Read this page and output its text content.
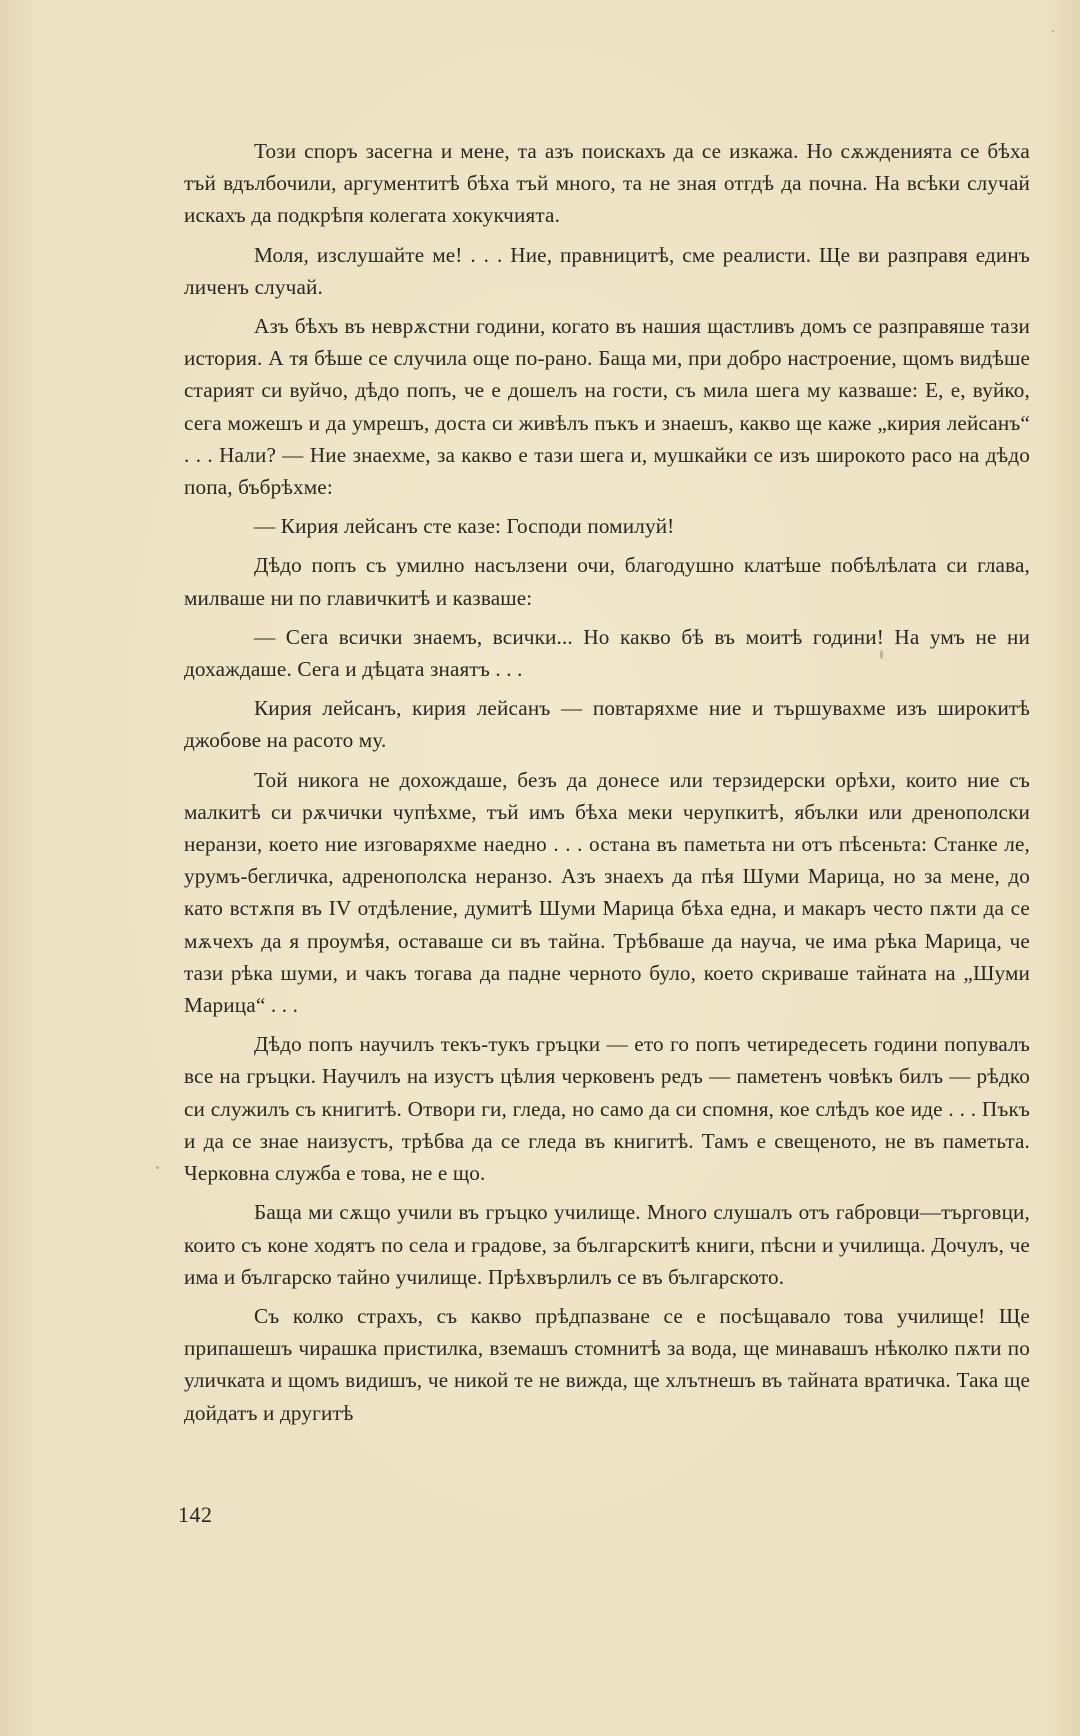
Този споръ засегна и мене, та азъ поискахъ да се изкажа. Но сѫжденията се бѣха тъй вдълбочили, аргументитѣ бѣха тъй много, та не зная отгдѣ да почна. На всѣки случай искахъ да подкрѣпя колегата хокукчията.

Моля, изслушайте ме! . . . Ние, правницитѣ, сме реалисти. Ще ви разправя единъ личенъ случай.

Азъ бѣхъ въ неврѫстни години, когато въ нашия щастливъ домъ се разправяше тази история. А тя бѣше се случила още по-рано. Баща ми, при добро настроение, щомъ видѣше старият си вуйчо, дѣдо попъ, че е дошелъ на гости, съ мила шега му казваше: Е, е, вуйко, сега можешъ и да умрешъ, доста си живѣлъ пъкъ и знаешъ, какво ще каже „кирия лейсанъ“ . . . Нали? — Ние знаехме, за какво е тази шега и, мушкайки се изъ широкото расо на дѣдо попа, бъбрѣхме:

— Кирия лейсанъ сте казе: Господи помилуй!

Дѣдо попъ съ умилно насълзени очи, благодушно клатѣше побѣлѣлата си глава, милваше ни по главичкитѣ и казваше:

— Сега всички знаемъ, всички... Но какво бѣ въ моитѣ години! На умъ не ни дохаждаше. Сега и дѣцата знаятъ . . .

Кирия лейсанъ, кирия лейсанъ — повтаряхме ние и тършувахме изъ широкитѣ джобове на расото му.

Той никога не дохождаше, безъ да донесе или терзидерски орѣхи, които ние съ малкитѣ си рѫчички чупѣхме, тъй имъ бѣха меки черупкитѣ, ябълки или дренополски неранзи, което ние изговаряхме наедно . . . остана въ паметьта ни отъ пѣсеньта: Станке ле, урумъ-бегличка, адренополска неранзо. Азъ знаехъ да пѣя Шуми Марица, но за мене, до като встѫпя въ IV отдѣление, думитѣ Шуми Марица бѣха една, и макаръ често пѫти да се мѫчехъ да я проумѣя, оставаше си въ тайна. Трѣбваше да науча, че има рѣка Марица, че тази рѣка шуми, и чакъ тогава да падне черното було, което скриваше тайната на „Шуми Марица“ . . .

Дѣдо попъ научилъ текъ-тукъ гръцки — ето го попъ четиредесеть години попувалъ все на гръцки. Научилъ на изустъ цѣлия черковенъ редъ — паметенъ човѣкъ билъ — рѣдко си служилъ съ книгитѣ. Отвори ги, гледа, но само да си спомня, кое слѣдъ кое иде . . . Пъкъ и да се знае наизустъ, трѣбва да се гледа въ книгитѣ. Тамъ е свещеното, не въ паметьта. Черковна служба е това, не е що.

Баща ми сѫщо учили въ гръцко училище. Много слушалъ отъ габровци—търговци, които съ коне ходятъ по села и градове, за българскитѣ книги, пѣсни и училища. Дочулъ, че има и българско тайно училище. Прѣхвърлилъ се въ българското.

Съ колко страхъ, съ какво прѣдпазване се е посѣщавало това училище! Ще припашешъ чирашка пристилка, вземашъ стомнитѣ за вода, ще минавашъ нѣколко пѫти по уличката и щомъ видишъ, че никой те не вижда, ще хлътнешъ въ тайната вратичка. Така ще дойдатъ и другитѣ

142
